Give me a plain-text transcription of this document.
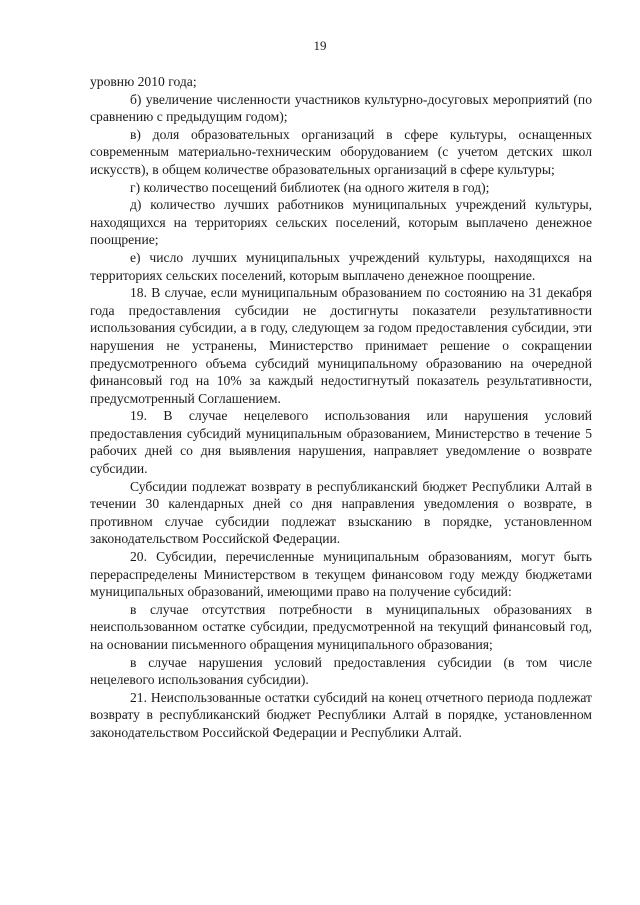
19

уровню 2010 года;

б) увеличение численности участников культурно-досуговых мероприятий (по сравнению с предыдущим годом);

в) доля образовательных организаций в сфере культуры, оснащенных современным материально-техническим оборудованием (с учетом детских школ искусств), в общем количестве образовательных организаций в сфере культуры;

г) количество посещений библиотек (на одного жителя в год);

д) количество лучших работников муниципальных учреждений культуры, находящихся на территориях сельских поселений, которым выплачено денежное поощрение;

е) число лучших муниципальных учреждений культуры, находящихся на территориях сельских поселений, которым выплачено денежное поощрение.

18. В случае, если муниципальным образованием по состоянию на 31 декабря года предоставления субсидии не достигнуты показатели результативности использования субсидии, а в году, следующем за годом предоставления субсидии, эти нарушения не устранены, Министерство принимает решение о сокращении предусмотренного объема субсидий муниципальному образованию на очередной финансовый год на 10% за каждый недостигнутый показатель результативности, предусмотренный Соглашением.

19. В случае нецелевого использования или нарушения условий предоставления субсидий муниципальным образованием, Министерство в течение 5 рабочих дней со дня выявления нарушения, направляет уведомление о возврате субсидии.

Субсидии подлежат возврату в республиканский бюджет Республики Алтай в течении 30 календарных дней со дня направления уведомления о возврате, в противном случае субсидии подлежат взысканию в порядке, установленном законодательством Российской Федерации.

20. Субсидии, перечисленные муниципальным образованиям, могут быть перераспределены Министерством в текущем финансовом году между бюджетами муниципальных образований, имеющими право на получение субсидий:

в случае отсутствия потребности в муниципальных образованиях в неиспользованном остатке субсидии, предусмотренной на текущий финансовый год, на основании письменного обращения муниципального образования;

в случае нарушения условий предоставления субсидии (в том числе нецелевого использования субсидии).

21. Неиспользованные остатки субсидий на конец отчетного периода подлежат возврату в республиканский бюджет Республики Алтай в порядке, установленном законодательством Российской Федерации и Республики Алтай.
